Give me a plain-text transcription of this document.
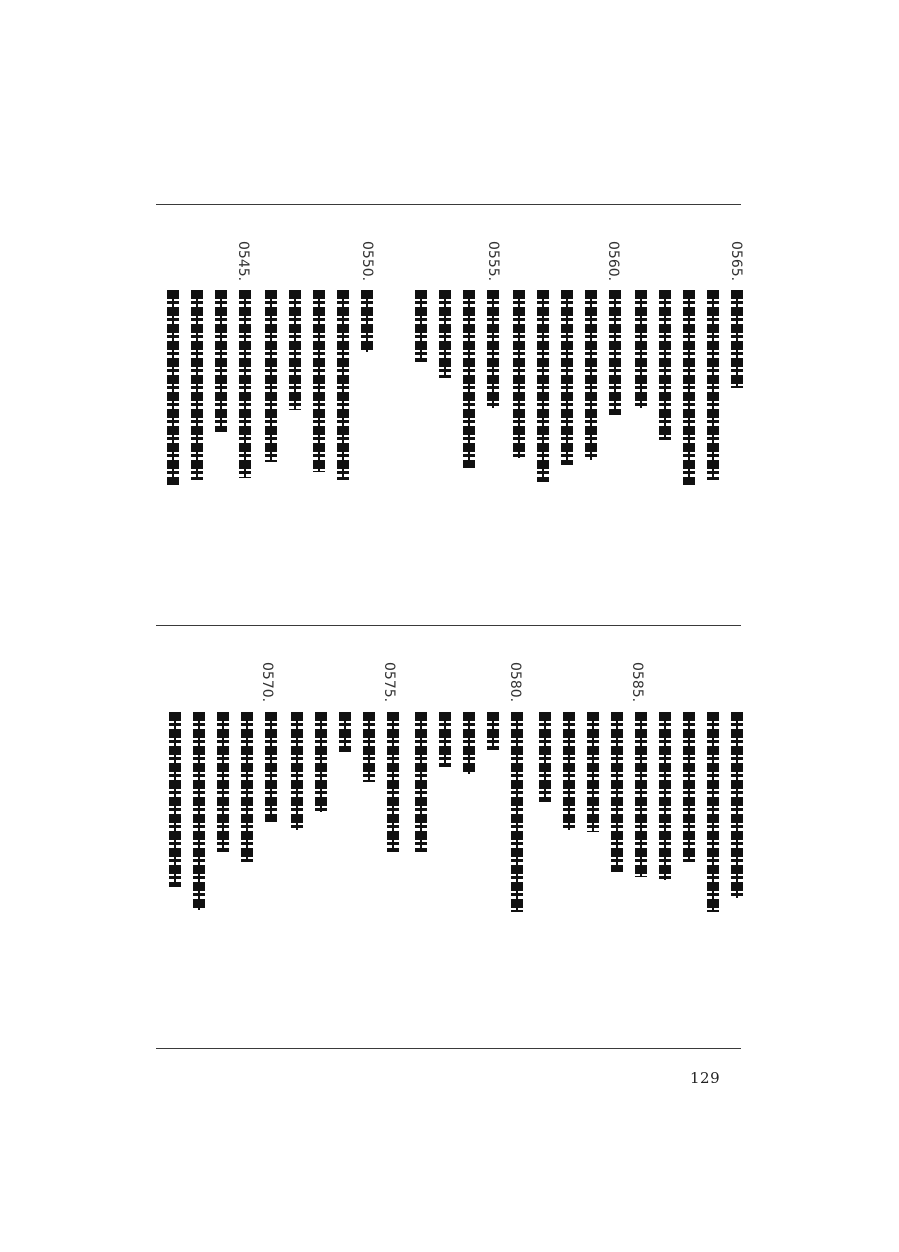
0565.
0560.
0555.
0550.
0545.
0585.
0580.
0575.
0570.
129
